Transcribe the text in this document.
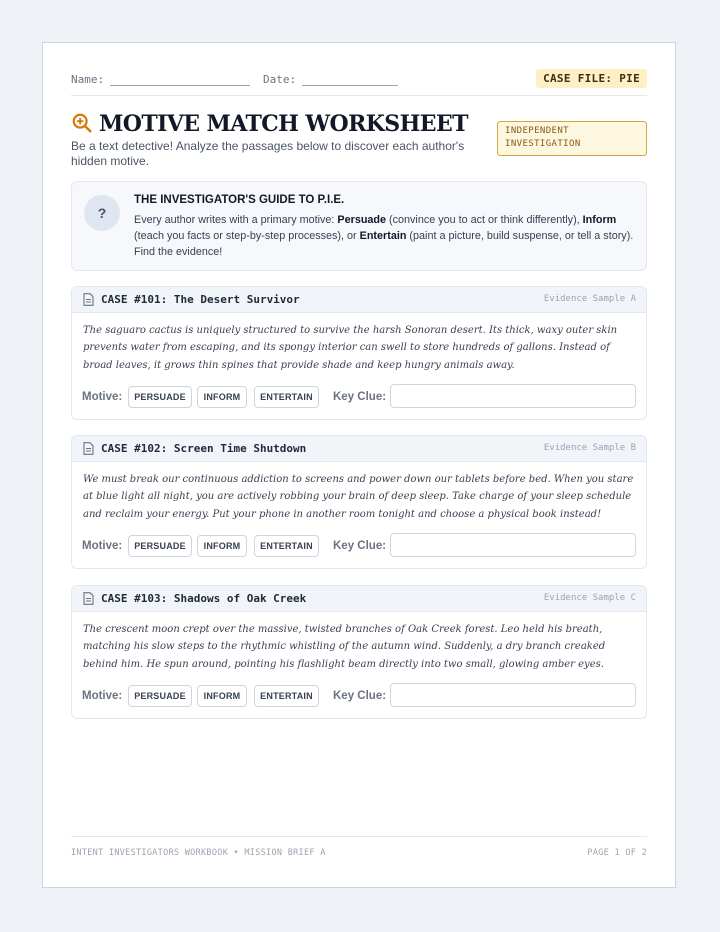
Name:	Date:	CASE FILE: PIE
MOTIVE MATCH WORKSHEET
Be a text detective! Analyze the passages below to discover each author's hidden motive.
INDEPENDENT
INVESTIGATION
?
THE INVESTIGATOR'S GUIDE TO P.I.E.
Every author writes with a primary motive: Persuade (convince you to act or think differently), Inform (teach you facts or step-by-step processes), or Entertain (paint a picture, build suspense, or tell a story). Find the evidence!
CASE #101: The Desert Survivor	Evidence Sample A
The saguaro cactus is uniquely structured to survive the harsh Sonoran desert. Its thick, waxy outer skin prevents water from escaping, and its spongy interior can swell to store hundreds of gallons. Instead of broad leaves, it grows thin spines that provide shade and keep hungry animals away.
Motive:	PERSUADE	INFORM	ENTERTAIN	Key Clue:
CASE #102: Screen Time Shutdown	Evidence Sample B
We must break our continuous addiction to screens and power down our tablets before bed. When you stare at blue light all night, you are actively robbing your brain of deep sleep. Take charge of your sleep schedule and reclaim your energy. Put your phone in another room tonight and choose a physical book instead!
Motive:	PERSUADE	INFORM	ENTERTAIN	Key Clue:
CASE #103: Shadows of Oak Creek	Evidence Sample C
The crescent moon crept over the massive, twisted branches of Oak Creek forest. Leo held his breath, matching his slow steps to the rhythmic whistling of the autumn wind. Suddenly, a dry branch creaked behind him. He spun around, pointing his flashlight beam directly into two small, glowing amber eyes.
Motive:	PERSUADE	INFORM	ENTERTAIN	Key Clue:
INTENT INVESTIGATORS WORKBOOK • MISSION BRIEF A	PAGE 1 OF 2
